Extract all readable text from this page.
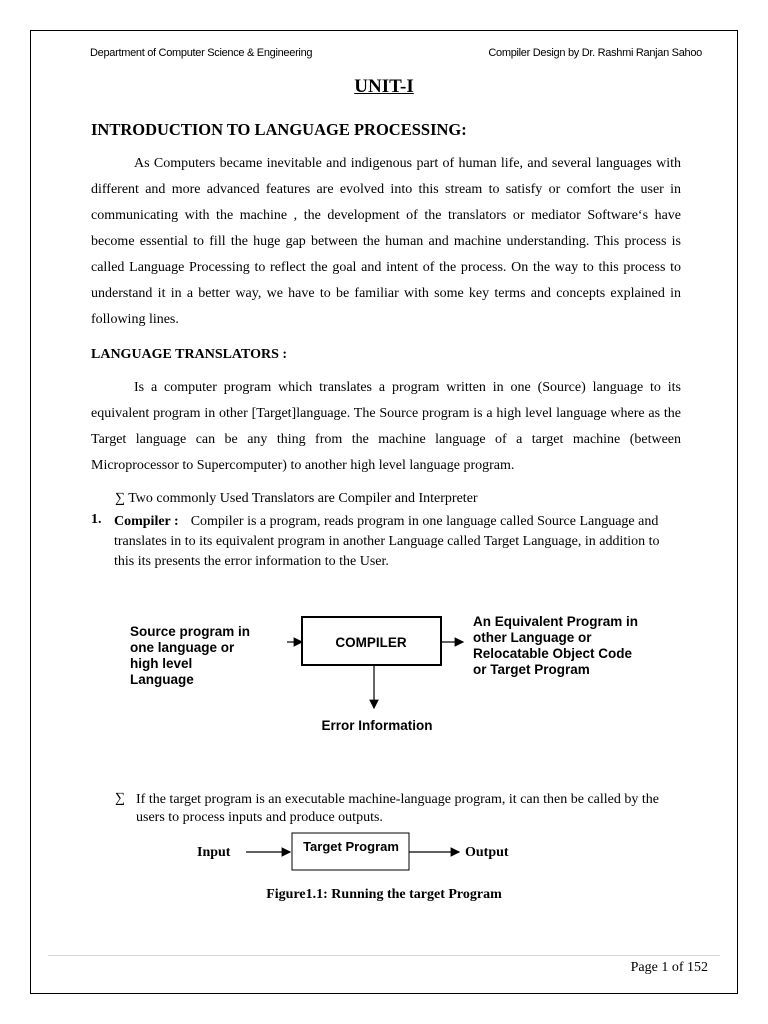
Department of Computer Science & Engineering	Compiler Design by Dr. Rashmi Ranjan Sahoo
UNIT-I
INTRODUCTION TO LANGUAGE PROCESSING:
As Computers became inevitable and indigenous part of human life, and several languages with different and more advanced features are evolved into this stream to satisfy or comfort the user in communicating with the machine , the development of the translators or mediator Software‘s have become essential to fill the huge gap between the human and machine understanding. This process is called Language Processing to reflect the goal and intent of the process. On the way to this process to understand it in a better way, we have to be familiar with some key terms and concepts explained in following lines.
LANGUAGE TRANSLATORS :
Is a computer program which translates a program written in one (Source) language to its equivalent program in other [Target]language. The Source program is a high level language where as the Target language can be any thing from the machine language of a target machine (between Microprocessor to Supercomputer) to another high level language program.
∑ Two commonly Used Translators are Compiler and Interpreter
1. Compiler : Compiler is a program, reads program in one language called Source Language and translates in to its equivalent program in another Language called Target Language, in addition to this its presents the error information to the User.
Source program in
one language or
high level
Language
COMPILER
An Equivalent Program in
other Language or
Relocatable Object Code
or Target Program
Error Information
∑ If the target program is an executable machine-language program, it can then be called by the users to process inputs and produce outputs.
Input	Target Program	Output
Figure1.1: Running the target Program
Page 1 of 152
